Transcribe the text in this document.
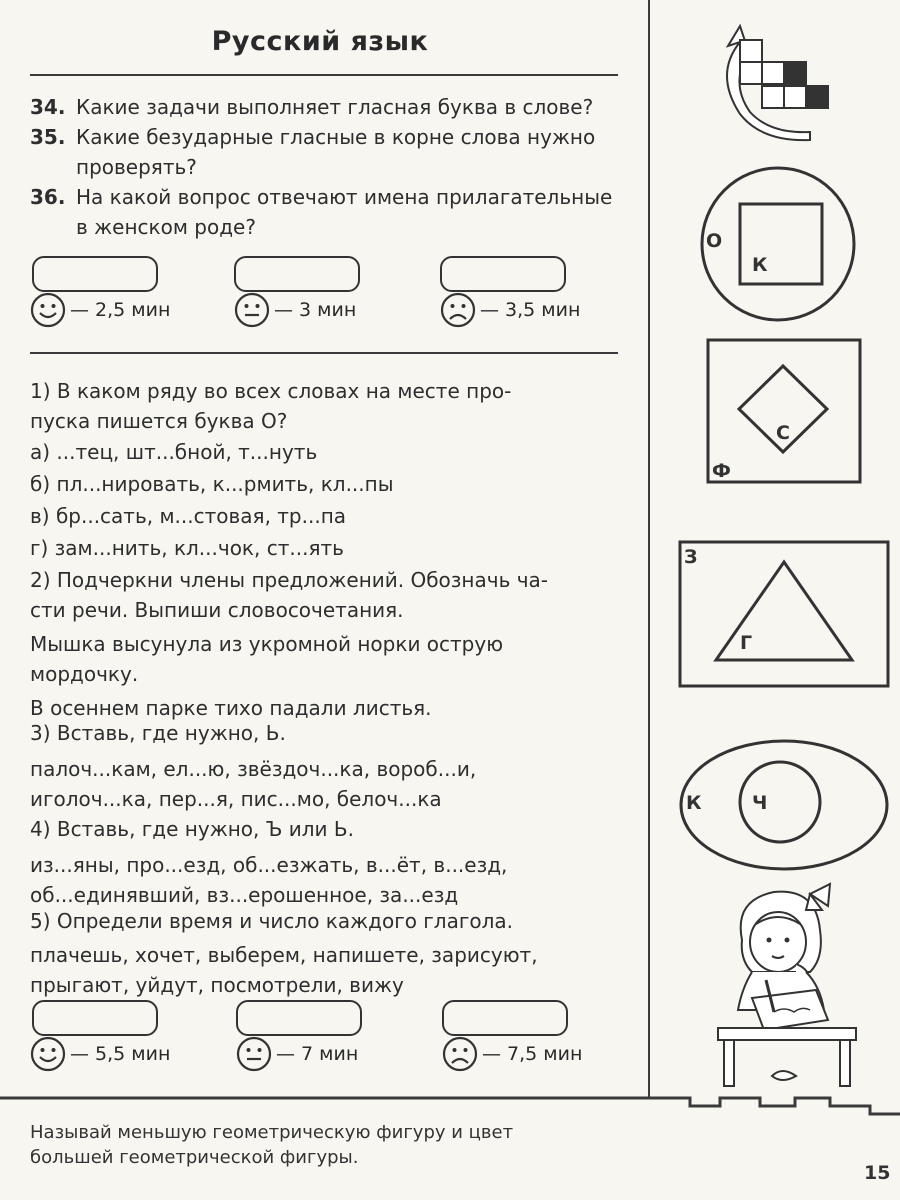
Русский язык
34. Какие задачи выполняет гласная буква в слове?
35. Какие безударные гласные в корне слова нужно
проверять?
36. На какой вопрос отвечают имена прилагательные
в женском роде?
— 2,5 мин	— 3 мин	— 3,5 мин
1) В каком ряду во всех словах на месте про-
пуска пишется буква О?
а) ...тец, шт...бной, т...нуть
б) пл...нировать, к...рмить, кл...пы
в) бр...сать, м...стовая, тр...па
г) зам...нить, кл...чок, ст...ять
2) Подчеркни члены предложений. Обозначь ча-
сти речи. Выпиши словосочетания.
Мышка высунула из укромной норки острую
мордочку.
В осеннем парке тихо падали листья.
3) Вставь, где нужно, Ь.
палоч...кам, ел...ю, звёздоч...ка, вороб...и,
иголоч...ка, пер...я, пис...мо, белоч...ка
4) Вставь, где нужно, Ъ или Ь.
из...яны, про...езд, об...езжать, в...ёт, в...езд,
об...единявший, вз...ерошенное, за...езд
5) Определи время и число каждого глагола.
плачешь, хочет, выберем, напишете, зарисуют,
прыгают, уйдут, посмотрели, вижу
— 5,5 мин	— 7 мин	— 7,5 мин
О
К
Ф
С
З
Г
К	Ч
Называй меньшую геометрическую фигуру и цвет
большей геометрической фигуры.
15
